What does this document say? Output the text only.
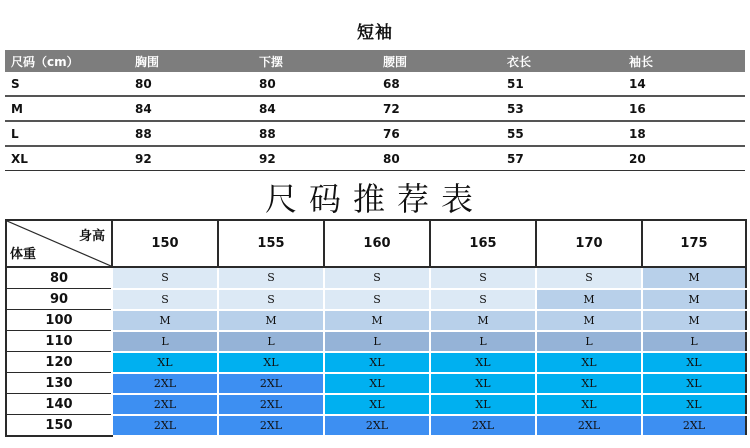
短袖
尺码（cm）	胸围	下摆	腰围	衣长	袖长
S	80	80	68	51	14
M	84	84	72	53	16
L	88	88	76	55	18
XL	92	92	80	57	20
尺码推荐表
身高
体重	150	155	160	165	170	175
80	S	S	S	S	S	M
90	S	S	S	S	M	M
100	M	M	M	M	M	M
110	L	L	L	L	L	L
120	XL	XL	XL	XL	XL	XL
130	2XL	2XL	XL	XL	XL	XL
140	2XL	2XL	XL	XL	XL	XL
150	2XL	2XL	2XL	2XL	2XL	2XL
